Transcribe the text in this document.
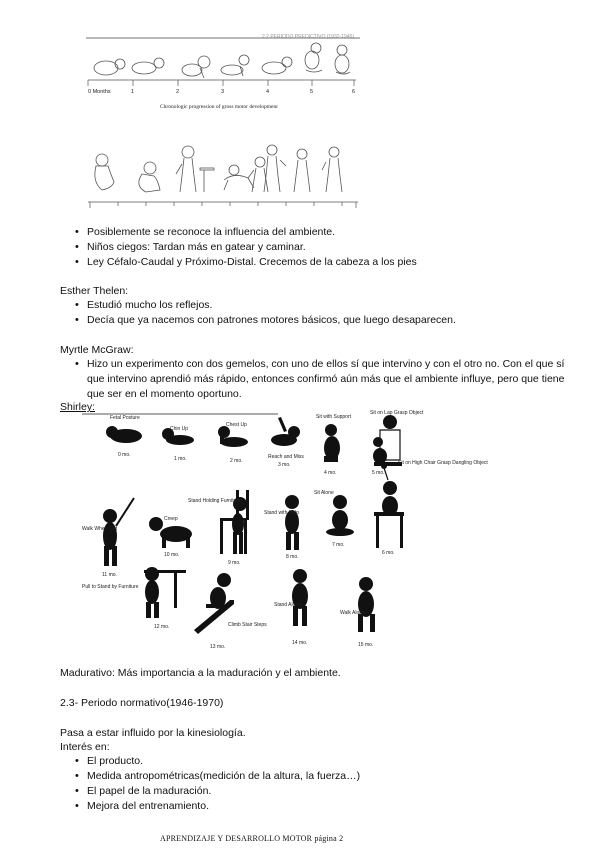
2.2 PERIODO PREDICTIVO (1932-1945)
0 Months	1	2	3	4	5	6
Chronologic progression of gross motor development
• Posiblemente se reconoce la influencia del ambiente.
• Niños ciegos: Tardan más en gatear y caminar.
• Ley Céfalo-Caudal y Próximo-Distal. Crecemos de la cabeza a los pies
Esther Thelen:
• Estudió mucho los reflejos.
• Decía que ya nacemos con patrones motores básicos, que luego desaparecen.
Myrtle McGraw:
• Hizo un experimento con dos gemelos, con uno de ellos sí que intervino y con el otro no. Con el que sí
que intervino aprendió más rápido, entonces confirmó aún más que el ambiente influye, pero que tiene
que ser en el momento oportuno.
Shirley:
Fetal Posture
0 mo.
Chin Up
1 mo.
Chest Up
2 mo.
Reach and Miss
3 mo.
Sit with Support
4 mo.
Sit on Lap Grasp Object
5 mo.
Sit on High Chair Grasp Dangling Object
6 mo.
Sit Alone
7 mo.
Stand with Help
8 mo.
Stand Holding Furniture
9 mo.
Creep
10 mo.
Walk When Led
11 mo.
Pull to Stand by Furniture
12 mo.	Climb Stair Steps
13 mo.
Stand Alone
14 mo.
Walk Alone
15 mo.
Madurativo: Más importancia a la maduración y el ambiente.
2.3- Periodo normativo(1946-1970)
Pasa a estar influido por la kinesiología.
Interés en:
• El producto.
• Medida antropométricas(medición de la altura, la fuerza…)
• El papel de la maduración.
• Mejora del entrenamiento.
APRENDIZAJE Y DESARROLLO MOTOR página 2
